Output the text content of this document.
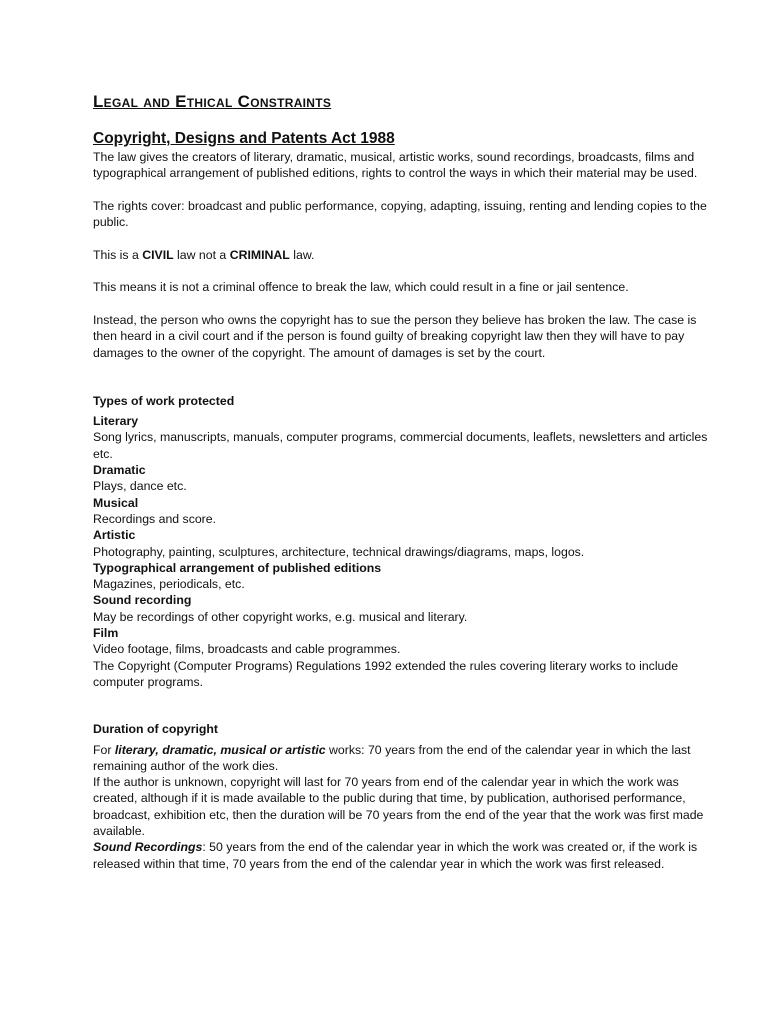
Legal and Ethical Constraints
Copyright, Designs and Patents Act 1988

The law gives the creators of literary, dramatic, musical, artistic works, sound recordings, broadcasts, films and typographical arrangement of published editions, rights to control the ways in which their material may be used.

The rights cover: broadcast and public performance, copying, adapting, issuing, renting and lending copies to the public.

This is a CIVIL law not a CRIMINAL law.

This means it is not a criminal offence to break the law, which could result in a fine or jail sentence.

Instead, the person who owns the copyright has to sue the person they believe has broken the law. The case is then heard in a civil court and if the person is found guilty of breaking copyright law then they will have to pay damages to the owner of the copyright. The amount of damages is set by the court.

Types of work protected

Literary

Song lyrics, manuscripts, manuals, computer programs, commercial documents, leaflets, newsletters and articles etc.

Dramatic

Plays, dance etc.

Musical

Recordings and score.

Artistic

Photography, painting, sculptures, architecture, technical drawings/diagrams, maps, logos.

Typographical arrangement of published editions

Magazines, periodicals, etc.

Sound recording

May be recordings of other copyright works, e.g. musical and literary.

Film

Video footage, films, broadcasts and cable programmes.

The Copyright (Computer Programs) Regulations 1992 extended the rules covering literary works to include computer programs.

Duration of copyright

For literary, dramatic, musical or artistic works: 70 years from the end of the calendar year in which the last remaining author of the work dies.

If the author is unknown, copyright will last for 70 years from end of the calendar year in which the work was created, although if it is made available to the public during that time, by publication, authorised performance, broadcast, exhibition etc, then the duration will be 70 years from the end of the year that the work was first made available.

Sound Recordings: 50 years from the end of the calendar year in which the work was created or, if the work is released within that time, 70 years from the end of the calendar year in which the work was first released.
